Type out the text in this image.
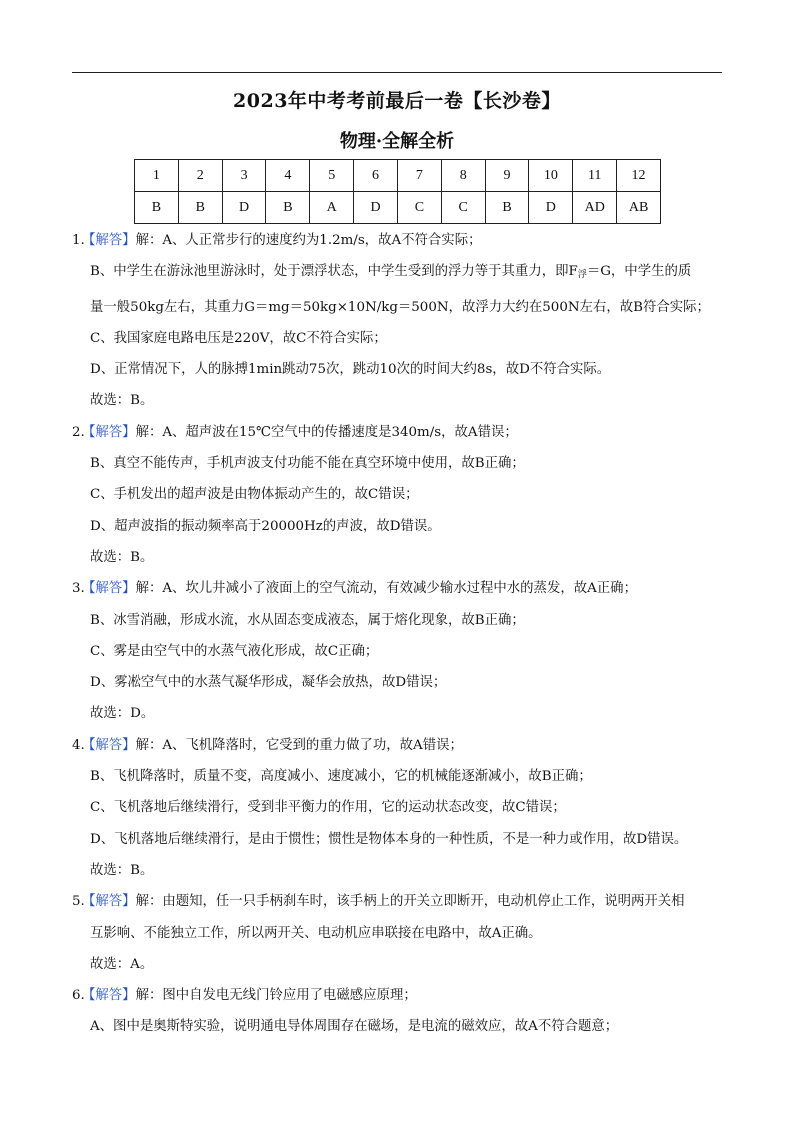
2023年中考考前最后一卷【长沙卷】
物理·全解全析
1	2	3	4	5	6	7	8	9	10	11	12
B	B	D	B	A	D	C	C	B	D	AD	AB
1.【解答】解：A、人正常步行的速度约为1.2m/s，故A不符合实际；
B、中学生在游泳池里游泳时，处于漂浮状态，中学生受到的浮力等于其重力，即$F_浮=G$，中学生的质
量一般50kg左右，其重力G＝mg＝50kg×10N/kg＝500N，故浮力大约在500N左右，故B符合实际；
C、我国家庭电路电压是220V，故C不符合实际；
D、正常情况下，人的脉搏1min跳动75次，跳动10次的时间大约8s，故D不符合实际。
故选：B。
2.【解答】解：A、超声波在15℃空气中的传播速度是340m/s，故A错误；
B、真空不能传声，手机声波支付功能不能在真空环境中使用，故B正确；
C、手机发出的超声波是由物体振动产生的，故C错误；
D、超声波指的振动频率高于20000Hz的声波，故D错误。
故选：B。
3.【解答】解：A、坎儿井减小了液面上的空气流动，有效减少输水过程中水的蒸发，故A正确；
B、冰雪消融，形成水流，水从固态变成液态，属于熔化现象，故B正确；
C、雾是由空气中的水蒸气液化形成，故C正确；
D、雾凇空气中的水蒸气凝华形成，凝华会放热，故D错误；
故选：D。
4.【解答】解：A、飞机降落时，它受到的重力做了功，故A错误；
B、飞机降落时，质量不变，高度减小、速度减小，它的机械能逐渐减小，故B正确；
C、飞机落地后继续滑行，受到非平衡力的作用，它的运动状态改变，故C错误；
D、飞机落地后继续滑行，是由于惯性；惯性是物体本身的一种性质，不是一种力或作用，故D错误。
故选：B。
5.【解答】解：由题知，任一只手柄刹车时，该手柄上的开关立即断开，电动机停止工作，说明两开关相
互影响、不能独立工作，所以两开关、电动机应串联接在电路中，故A正确。
故选：A。
6.【解答】解：图中自发电无线门铃应用了电磁感应原理；
A、图中是奥斯特实验，说明通电导体周围存在磁场，是电流的磁效应，故A不符合题意；
